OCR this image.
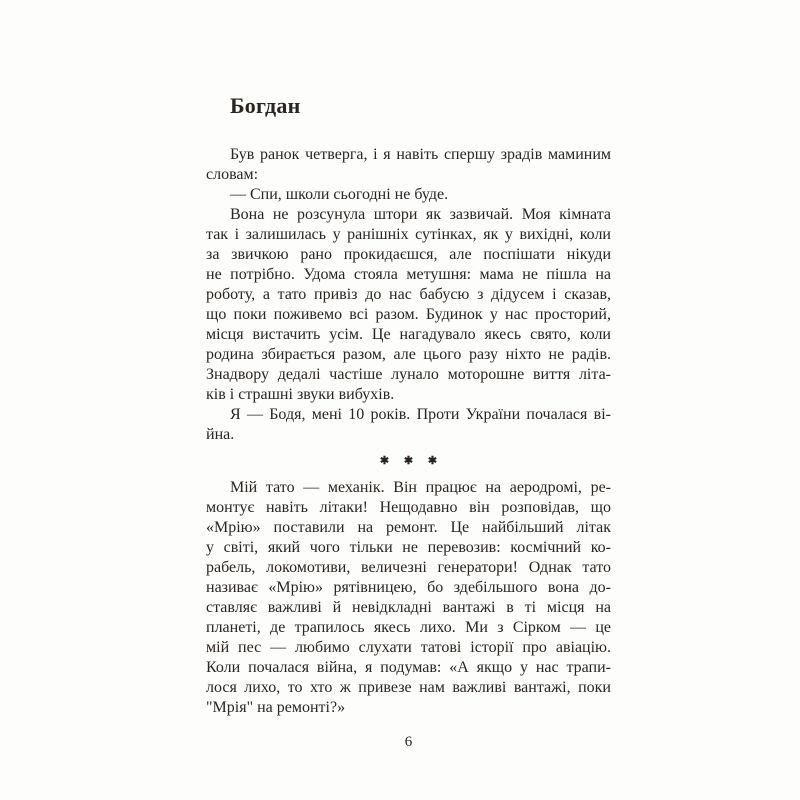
Богдан
Був ранок четверга, і я навіть спершу зрадів маминим
словам:
— Спи, школи сьогодні не буде.
Вона не розсунула штори як зазвичай. Моя кімната
так і залишилась у ранішніх сутінках, як у вихідні, коли
за звичкою рано прокидаєшся, але поспішати нікуди
не потрібно. Удома стояла метушня: мама не пішла на
роботу, а тато привіз до нас бабусю з дідусем і сказав,
що поки поживемо всі разом. Будинок у нас просторий,
місця вистачить усім. Це нагадувало якесь свято, коли
родина збирається разом, але цього разу ніхто не радів.
Знадвору дедалі частіше лунало моторошне виття літа-
ків і страшні звуки вибухів.
Я — Бодя, мені 10 років. Проти України почалася ві-
йна.
✱ ✱ ✱
Мій тато — механік. Він працює на аеродромі, ре-
монтує навіть літаки! Нещодавно він розповідав, що
«Мрію» поставили на ремонт. Це найбільший літак
у світі, який чого тільки не перевозив: космічний ко-
рабель, локомотиви, величезні генератори! Однак тато
називає «Мрію» рятівницею, бо здебільшого вона до-
ставляє важливі й невідкладні вантажі в ті місця на
планеті, де трапилось якесь лихо. Ми з Сірком — це
мій пес — любимо слухати татові історії про авіацію.
Коли почалася війна, я подумав: «А якщо у нас трапи-
лося лихо, то хто ж привезе нам важливі вантажі, поки
"Мрія" на ремонті?»
6
